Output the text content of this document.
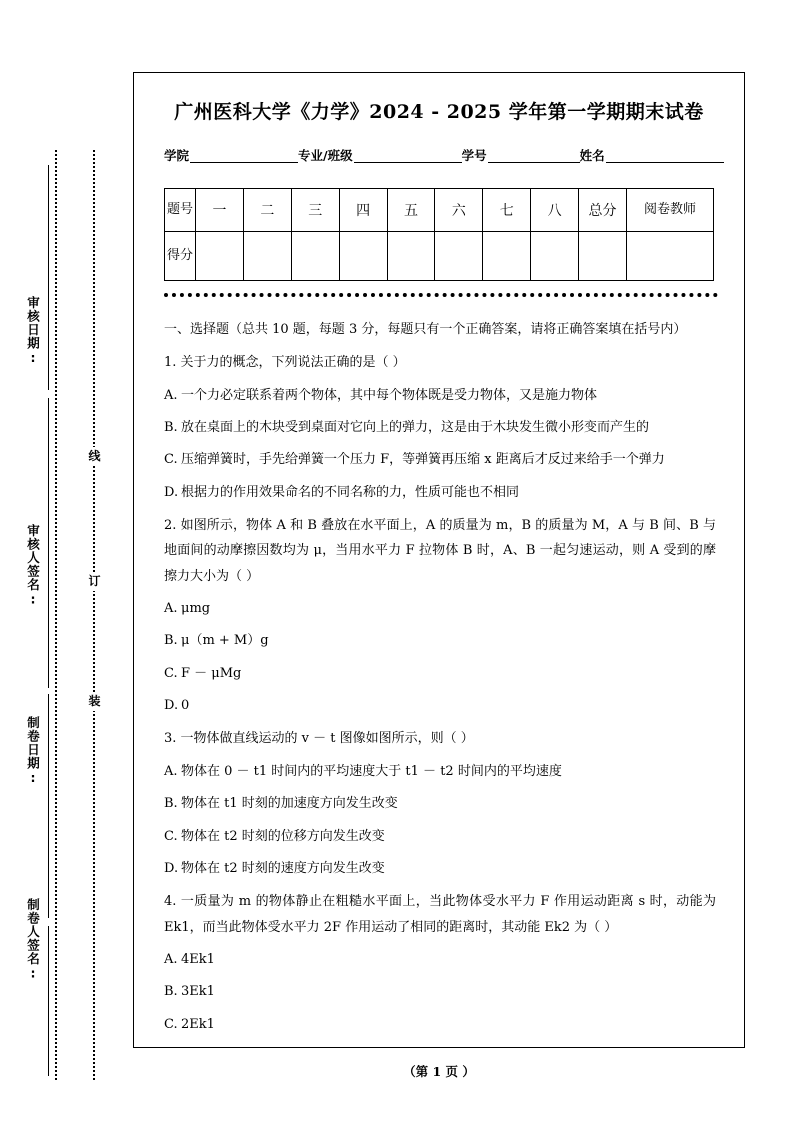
审核日期:
审核人签名:
制卷日期:
制卷人签名:
线
订
装
广州医科大学《力学》2024 - 2025 学年第一学期期末试卷
学院	专业/班级	学号	姓名
题号	一	二	三	四	五	六	七	八	总分	阅卷教师
得分										

一、选择题（总共 10 题，每题 3 分，每题只有一个正确答案，请将正确答案填在括号内）

1. 关于力的概念，下列说法正确的是（ ）

A. 一个力必定联系着两个物体，其中每个物体既是受力物体，又是施力物体

B. 放在桌面上的木块受到桌面对它向上的弹力，这是由于木块发生微小形变而产生的

C. 压缩弹簧时，手先给弹簧一个压力 F，等弹簧再压缩 x 距离后才反过来给手一个弹力

D. 根据力的作用效果命名的不同名称的力，性质可能也不相同

2. 如图所示，物体 A 和 B 叠放在水平面上，A 的质量为 m，B 的质量为 M，A 与 B 间、B 与地面间的动摩擦因数均为 μ，当用水平力 F 拉物体 B 时，A、B 一起匀速运动，则 A 受到的摩擦力大小为（ ）

A. μmg

B. μ（m + M）g

C. F － μMg

D. 0

3. 一物体做直线运动的 v － t 图像如图所示，则（ ）

A. 物体在 0 － t1 时间内的平均速度大于 t1 － t2 时间内的平均速度

B. 物体在 t1 时刻的加速度方向发生改变

C. 物体在 t2 时刻的位移方向发生改变

D. 物体在 t2 时刻的速度方向发生改变

4. 一质量为 m 的物体静止在粗糙水平面上，当此物体受水平力 F 作用运动距离 s 时，动能为 Ek1，而当此物体受水平力 2F 作用运动了相同的距离时，其动能 Ek2 为（ ）

A. 4Ek1

B. 3Ek1

C. 2Ek1

（第 1 页 ）
